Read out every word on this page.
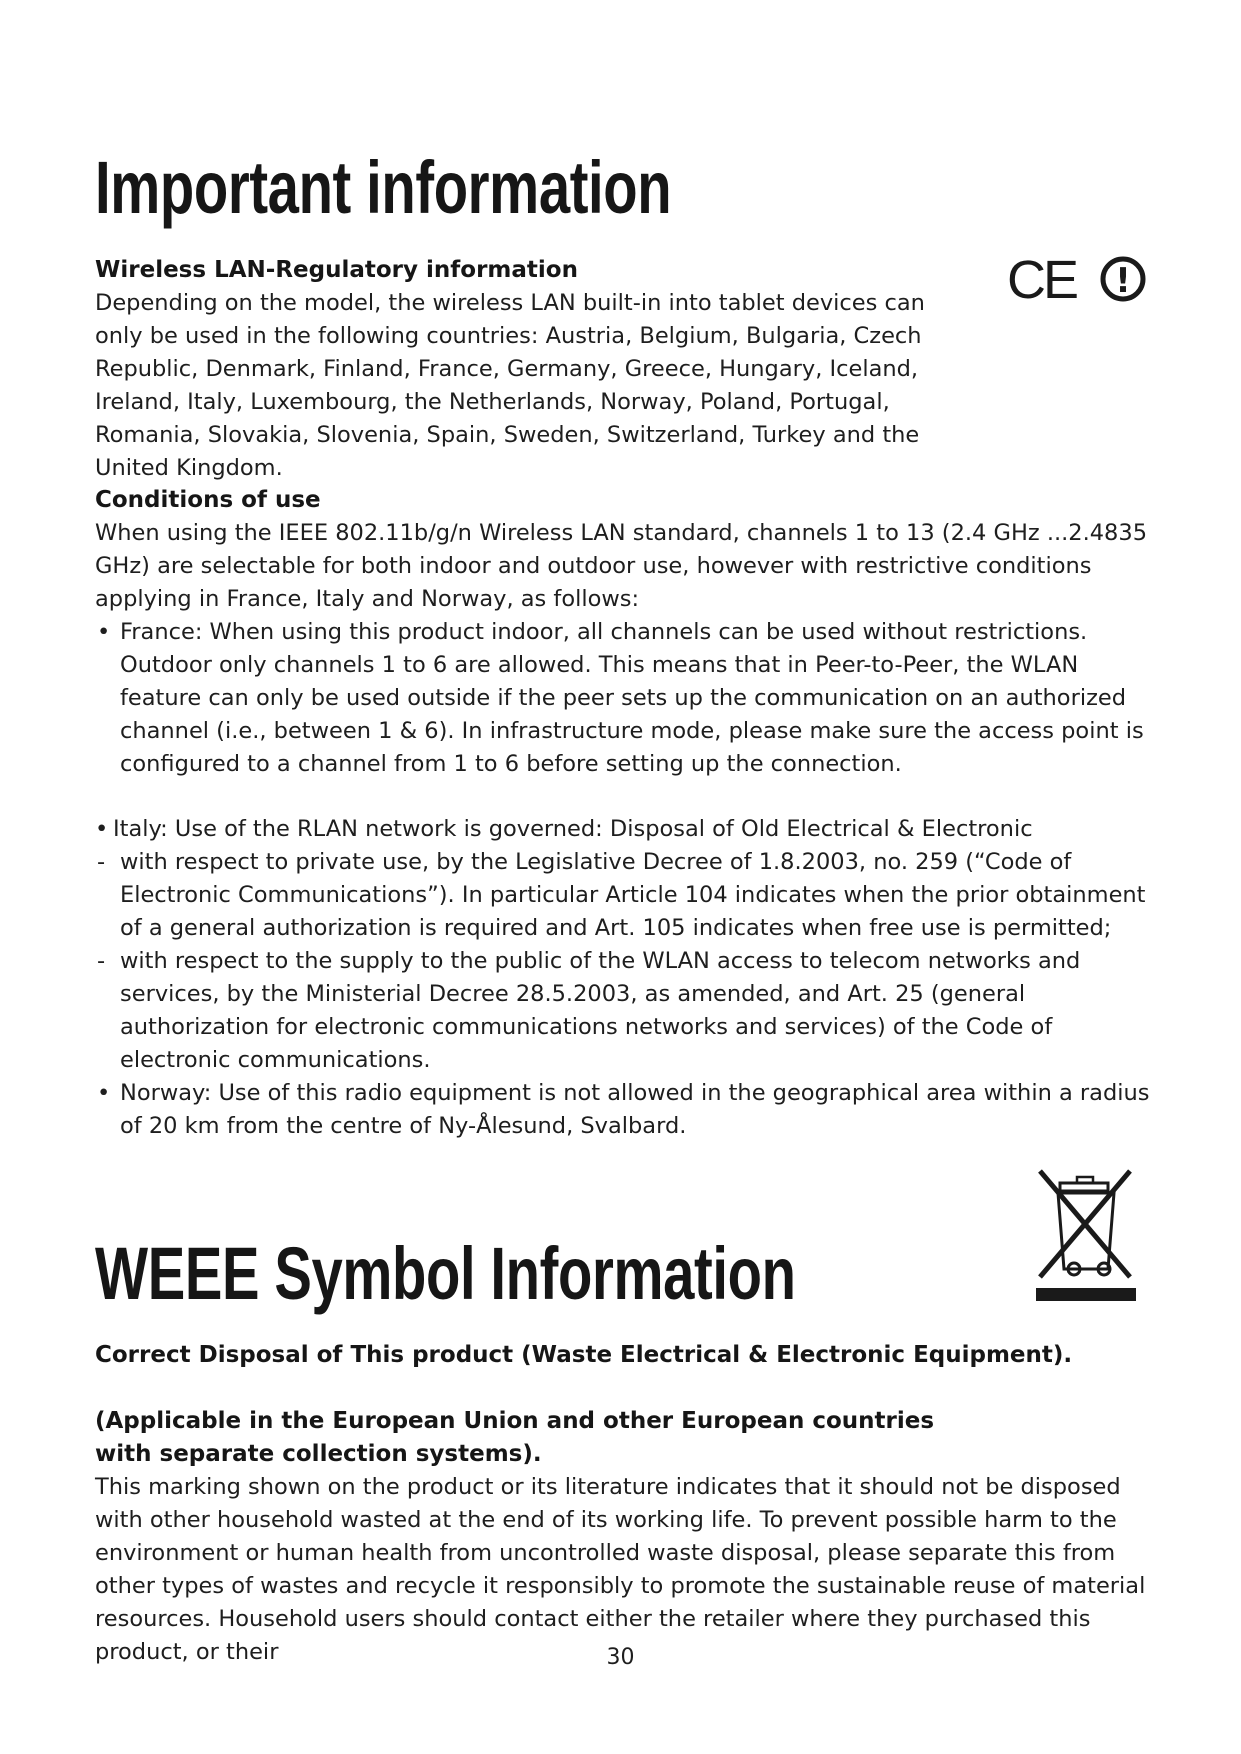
Important information
CE !

Wireless LAN-Regulatory information

Depending on the model, the wireless LAN built-in into tablet devices can only be used in the following countries: Austria, Belgium, Bulgaria, Czech Republic, Denmark, Finland, France, Germany, Greece, Hungary, Iceland, Ireland, Italy, Luxembourg, the Netherlands, Norway, Poland, Portugal, Romania, Slovakia, Slovenia, Spain, Sweden, Switzerland, Turkey and the United Kingdom.

Conditions of use

When using the IEEE 802.11b/g/n Wireless LAN standard, channels 1 to 13 (2.4 GHz ...2.4835 GHz) are selectable for both indoor and outdoor use, however with restrictive conditions applying in France, Italy and Norway, as follows:

• France: When using this product indoor, all channels can be used without restrictions. Outdoor only channels 1 to 6 are allowed. This means that in Peer-to-Peer, the WLAN feature can only be used outside if the peer sets up the communication on an authorized channel (i.e., between 1 & 6). In infrastructure mode, please make sure the access point is configured to a channel from 1 to 6 before setting up the connection.
• Italy: Use of the RLAN network is governed: Disposal of Old Electrical & Electronic
- with respect to private use, by the Legislative Decree of 1.8.2003, no. 259 (“Code of Electronic Communications”). In particular Article 104 indicates when the prior obtainment of a general authorization is required and Art. 105 indicates when free use is permitted;
- with respect to the supply to the public of the WLAN access to telecom networks and services, by the Ministerial Decree 28.5.2003, as amended, and Art. 25 (general authorization for electronic communications networks and services) of the Code of electronic communications.
• Norway: Use of this radio equipment is not allowed in the geographical area within a radius of 20 km from the centre of Ny-Ålesund, Svalbard.
WEEE Symbol Information

Correct Disposal of This product (Waste Electrical & Electronic Equipment).

(Applicable in the European Union and other European countries with separate collection systems).

This marking shown on the product or its literature indicates that it should not be disposed with other household wasted at the end of its working life. To prevent possible harm to the environment or human health from uncontrolled waste disposal, please separate this from other types of wastes and recycle it responsibly to promote the sustainable reuse of material resources. Household users should contact either the retailer where they purchased this product, or their	30
